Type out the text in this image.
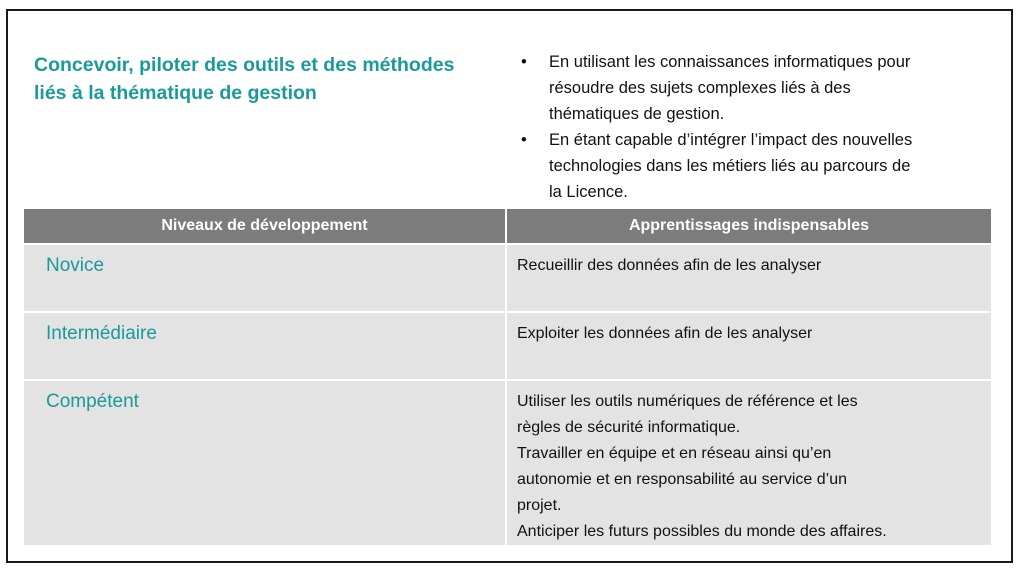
Concevoir, piloter des outils et des méthodes
liés à la thématique de gestion
• En utilisant les connaissances informatiques pour
résoudre des sujets complexes liés à des
thématiques de gestion.
• En étant capable d’intégrer l’impact des nouvelles
technologies dans les métiers liés au parcours de
la Licence.
Niveaux de développement	Apprentissages indispensables
Novice	Recueillir des données afin de les analyser
Intermédiaire	Exploiter les données afin de les analyser
Compétent	Utiliser les outils numériques de référence et les
règles de sécurité informatique.
Travailler en équipe et en réseau ainsi qu’en
autonomie et en responsabilité au service d’un
projet.
Anticiper les futurs possibles du monde des affaires.
